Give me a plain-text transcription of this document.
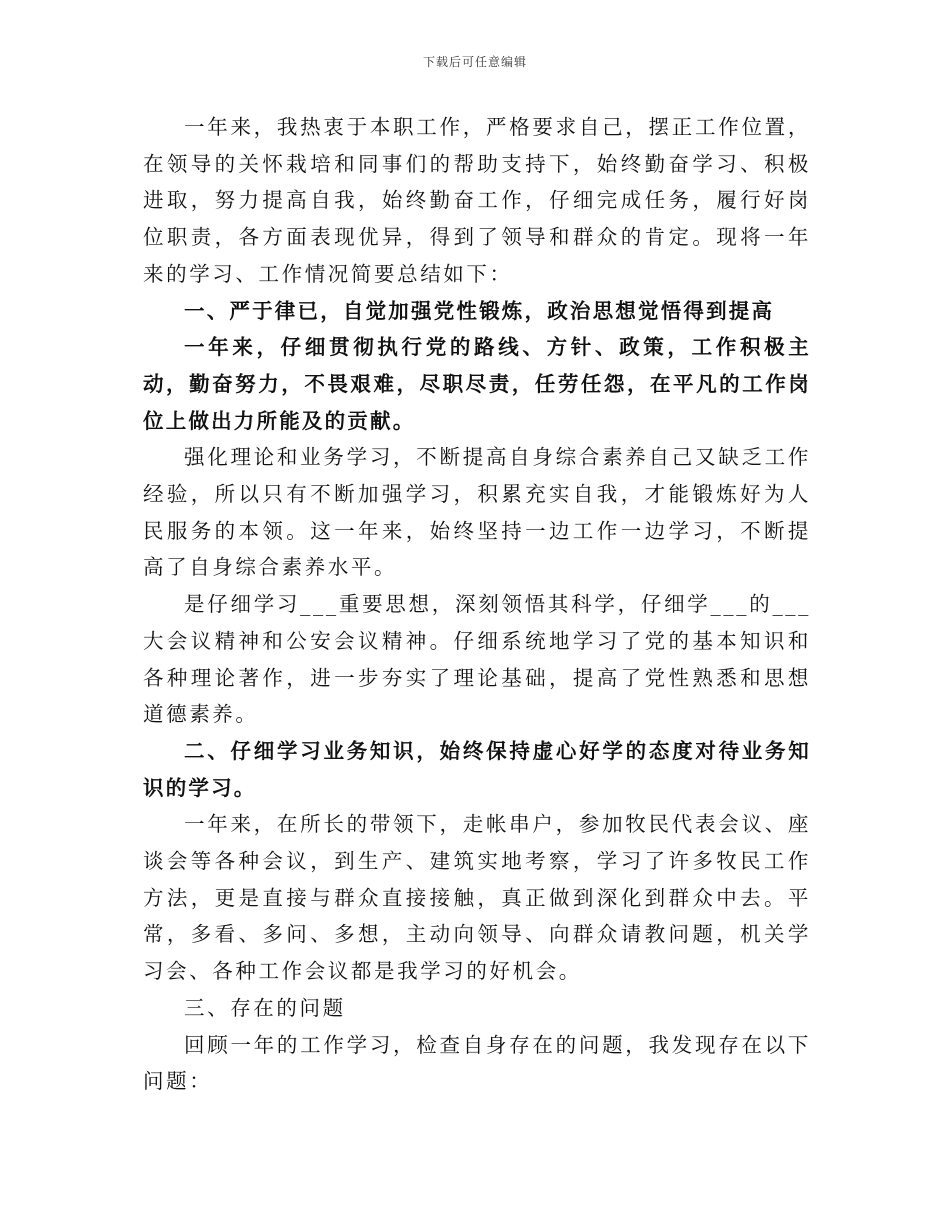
下载后可任意编辑

一年来，我热衷于本职工作，严格要求自己，摆正工作位置，在领导的关怀栽培和同事们的帮助支持下，始终勤奋学习、积极进取，努力提高自我，始终勤奋工作，仔细完成任务，履行好岗位职责，各方面表现优异，得到了领导和群众的肯定。现将一年来的学习、工作情况简要总结如下：

一、严于律已，自觉加强党性锻炼，政治思想觉悟得到提高

一年来，仔细贯彻执行党的路线、方针、政策，工作积极主动，勤奋努力，不畏艰难，尽职尽责，任劳任怨，在平凡的工作岗位上做出力所能及的贡献。

强化理论和业务学习，不断提高自身综合素养自己又缺乏工作经验，所以只有不断加强学习，积累充实自我，才能锻炼好为人民服务的本领。这一年来，始终坚持一边工作一边学习，不断提高了自身综合素养水平。

是仔细学习___重要思想，深刻领悟其科学，仔细学___的___大会议精神和公安会议精神。仔细系统地学习了党的基本知识和各种理论著作，进一步夯实了理论基础，提高了党性熟悉和思想道德素养。

二、仔细学习业务知识，始终保持虚心好学的态度对待业务知识的学习。

一年来，在所长的带领下，走帐串户，参加牧民代表会议、座谈会等各种会议，到生产、建筑实地考察，学习了许多牧民工作方法，更是直接与群众直接接触，真正做到深化到群众中去。平常，多看、多问、多想，主动向领导、向群众请教问题，机关学习会、各种工作会议都是我学习的好机会。

三、存在的问题

回顾一年的工作学习，检查自身存在的问题，我发现存在以下问题：
